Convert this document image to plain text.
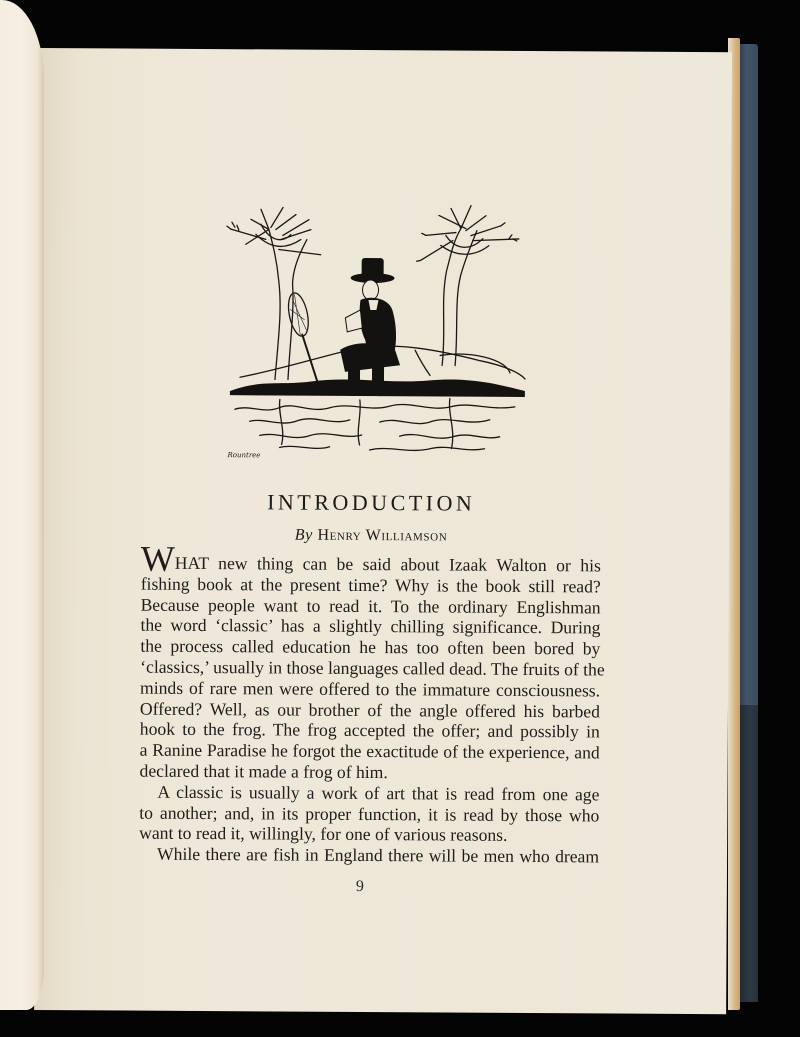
Rountree
INTRODUCTION
By Henry Williamson

WHAT new thing can be said about Izaak Walton or his
fishing book at the present time? Why is the book still read?
Because people want to read it. To the ordinary Englishman
the word ‘classic’ has a slightly chilling significance. During
the process called education he has too often been bored by
‘classics,’ usually in those languages called dead. The fruits of the
minds of rare men were offered to the immature consciousness.
Offered? Well, as our brother of the angle offered his barbed
hook to the frog. The frog accepted the offer; and possibly in
a Ranine Paradise he forgot the exactitude of the experience, and
declared that it made a frog of him.

A classic is usually a work of art that is read from one age
to another; and, in its proper function, it is read by those who
want to read it, willingly, for one of various reasons.

While there are fish in England there will be men who dream

9
